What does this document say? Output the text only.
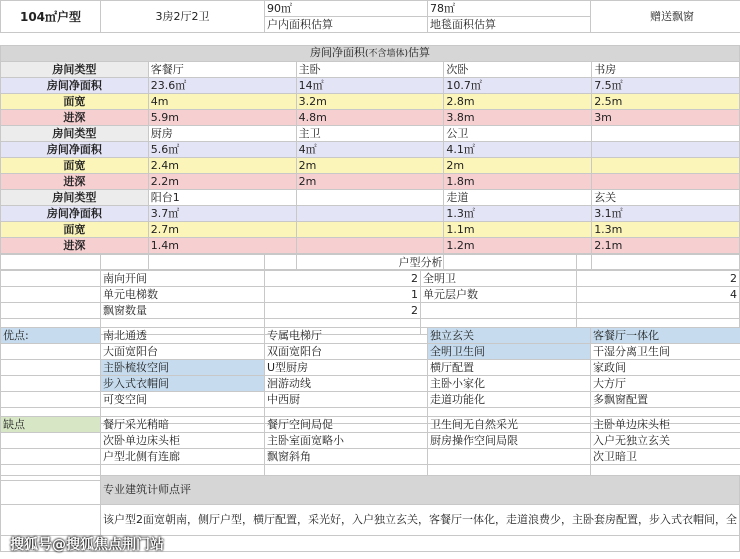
104㎡户型	3房2厅2卫	90㎡	78㎡	赠送飘窗
		户内面积估算	地毯面积估算	
房间净面积(不含墙体)估算				
房间类型	客餐厅	主卧	次卧	书房
房间净面积	23.6㎡	14㎡	10.7㎡	7.5㎡
面宽	4m	3.2m	2.8m	2.5m
进深	5.9m	4.8m	3.8m	3m
房间类型	厨房	主卫	公卫	
房间净面积	5.6㎡	4㎡	4.1㎡	
面宽	2.4m	2m	2m	
进深	2.2m	2m	1.8m	
房间类型	阳台1		走道	玄关
房间净面积	3.7㎡		1.3㎡	3.1㎡
面宽	2.7m		1.1m	1.3m
进深	1.4m		1.2m	2.1m

		户型分析		
	南向开间	2	全明卫	2
	单元电梯数	1	单元层户数	4
	飘窗数量	2		

优点:	南北通透	专属电梯厅	独立玄关	客餐厅一体化
	大面宽阳台	双面宽阳台	全明卫生间	干湿分离卫生间
	主卧梳妆空间	U型厨房	横厅配置	家政间
	步入式衣帽间	洄游动线	主卧小家化	大方厅
	可变空间	中西厨	走道功能化	多飘窗配置

缺点	餐厅采光稍暗	餐厅空间局促	卫生间无自然采光	主卧单边床头柜
	次卧单边床头柜	主卧室面宽略小	厨房操作空间局限	入户无独立玄关
	户型北侧有连廊	飘窗斜角		次卫暗卫

	专业建筑计师点评
	该户型2面宽朝南，侧厅户型，横厅配置，采光好，入户独立玄关，客餐厅一体化，走道浪费少，主卧套房配置，步入式衣帽间，全

搜狐号@搜狐焦点荆门站
